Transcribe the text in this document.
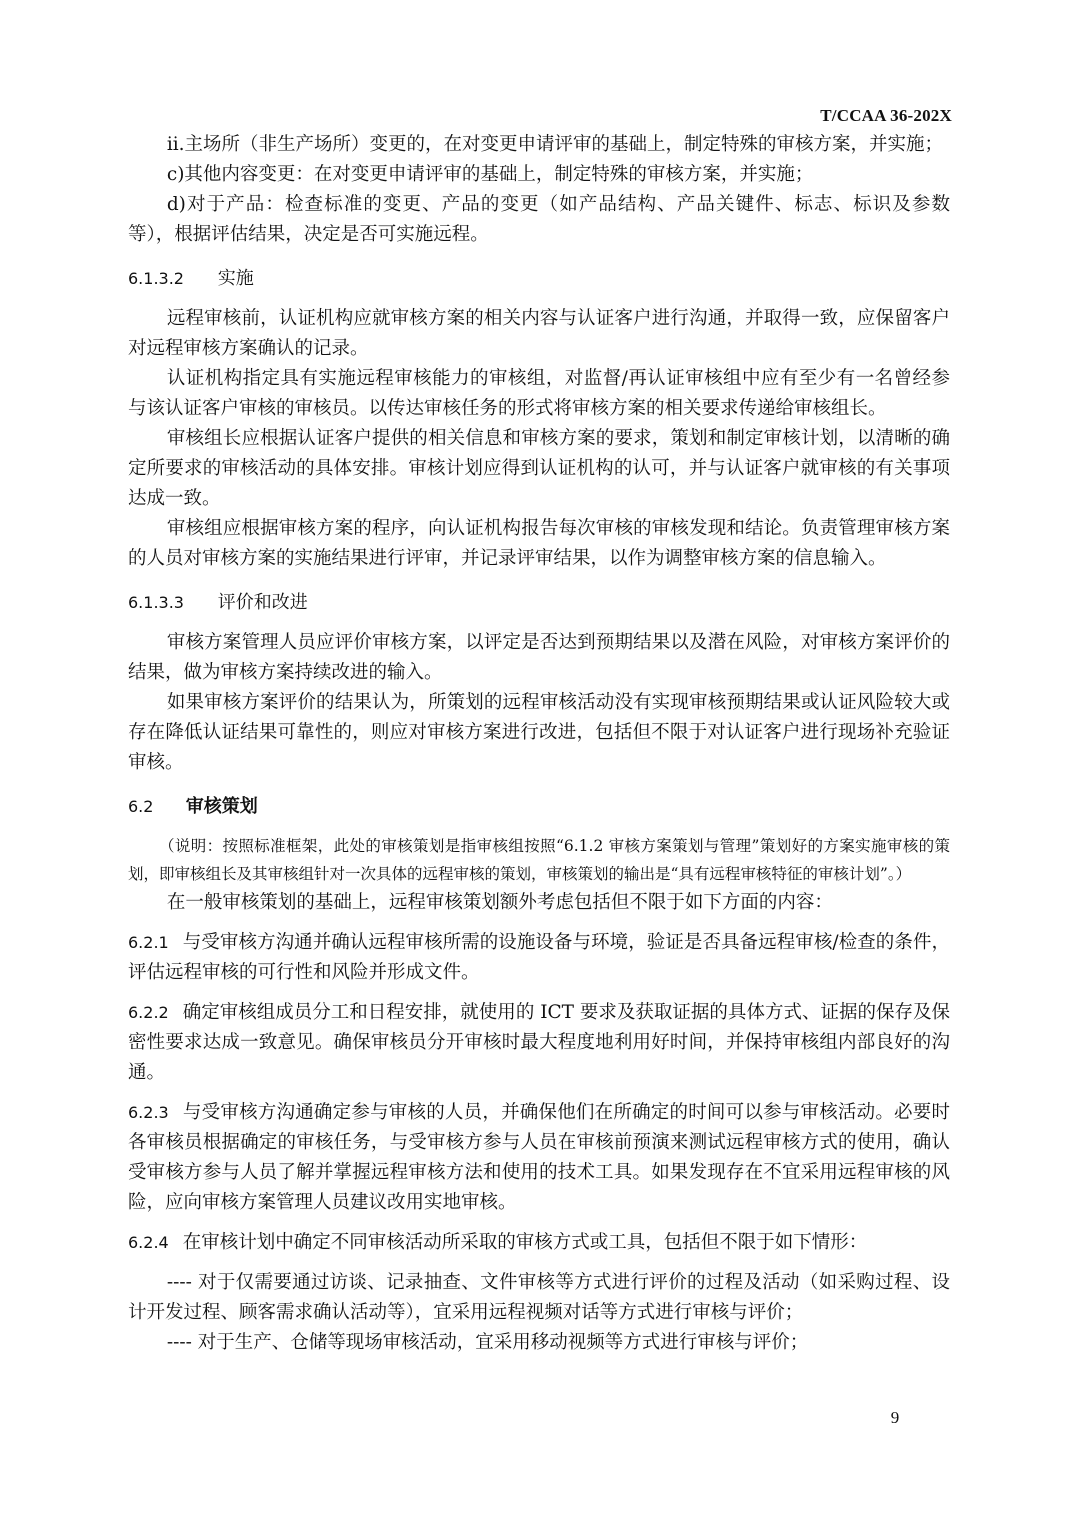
T/CCAA 36-202X

ii.主场所（非生产场所）变更的，在对变更申请评审的基础上，制定特殊的审核方案，并实施；

c)其他内容变更：在对变更申请评审的基础上，制定特殊的审核方案，并实施；

d)对于产品：检查标准的变更、产品的变更（如产品结构、产品关键件、标志、标识及参数等），根据评估结果，决定是否可实施远程。

6.1.3.2 实施

远程审核前，认证机构应就审核方案的相关内容与认证客户进行沟通，并取得一致，应保留客户对远程审核方案确认的记录。

认证机构指定具有实施远程审核能力的审核组，对监督/再认证审核组中应有至少有一名曾经参与该认证客户审核的审核员。以传达审核任务的形式将审核方案的相关要求传递给审核组长。

审核组长应根据认证客户提供的相关信息和审核方案的要求，策划和制定审核计划，以清晰的确定所要求的审核活动的具体安排。审核计划应得到认证机构的认可，并与认证客户就审核的有关事项达成一致。

审核组应根据审核方案的程序，向认证机构报告每次审核的审核发现和结论。负责管理审核方案的人员对审核方案的实施结果进行评审，并记录评审结果，以作为调整审核方案的信息输入。

6.1.3.3 评价和改进

审核方案管理人员应评价审核方案，以评定是否达到预期结果以及潜在风险，对审核方案评价的结果，做为审核方案持续改进的输入。

如果审核方案评价的结果认为，所策划的远程审核活动没有实现审核预期结果或认证风险较大或存在降低认证结果可靠性的，则应对审核方案进行改进，包括但不限于对认证客户进行现场补充验证审核。

6.2 审核策划

（说明：按照标准框架，此处的审核策划是指审核组按照“6.1.2 审核方案策划与管理”策划好的方案实施审核的策划，即审核组长及其审核组针对一次具体的远程审核的策划，审核策划的输出是“具有远程审核特征的审核计划”。）

在一般审核策划的基础上，远程审核策划额外考虑包括但不限于如下方面的内容：

6.2.1 与受审核方沟通并确认远程审核所需的设施设备与环境，验证是否具备远程审核/检查的条件，评估远程审核的可行性和风险并形成文件。

6.2.2 确定审核组成员分工和日程安排，就使用的 ICT 要求及获取证据的具体方式、证据的保存及保密性要求达成一致意见。确保审核员分开审核时最大程度地利用好时间，并保持审核组内部良好的沟通。

6.2.3 与受审核方沟通确定参与审核的人员，并确保他们在所确定的时间可以参与审核活动。必要时各审核员根据确定的审核任务，与受审核方参与人员在审核前预演来测试远程审核方式的使用，确认受审核方参与人员了解并掌握远程审核方法和使用的技术工具。如果发现存在不宜采用远程审核的风险，应向审核方案管理人员建议改用实地审核。

6.2.4 在审核计划中确定不同审核活动所采取的审核方式或工具，包括但不限于如下情形：

---- 对于仅需要通过访谈、记录抽查、文件审核等方式进行评价的过程及活动（如采购过程、设计开发过程、顾客需求确认活动等），宜采用远程视频对话等方式进行审核与评价；

---- 对于生产、仓储等现场审核活动，宜采用移动视频等方式进行审核与评价；

9
